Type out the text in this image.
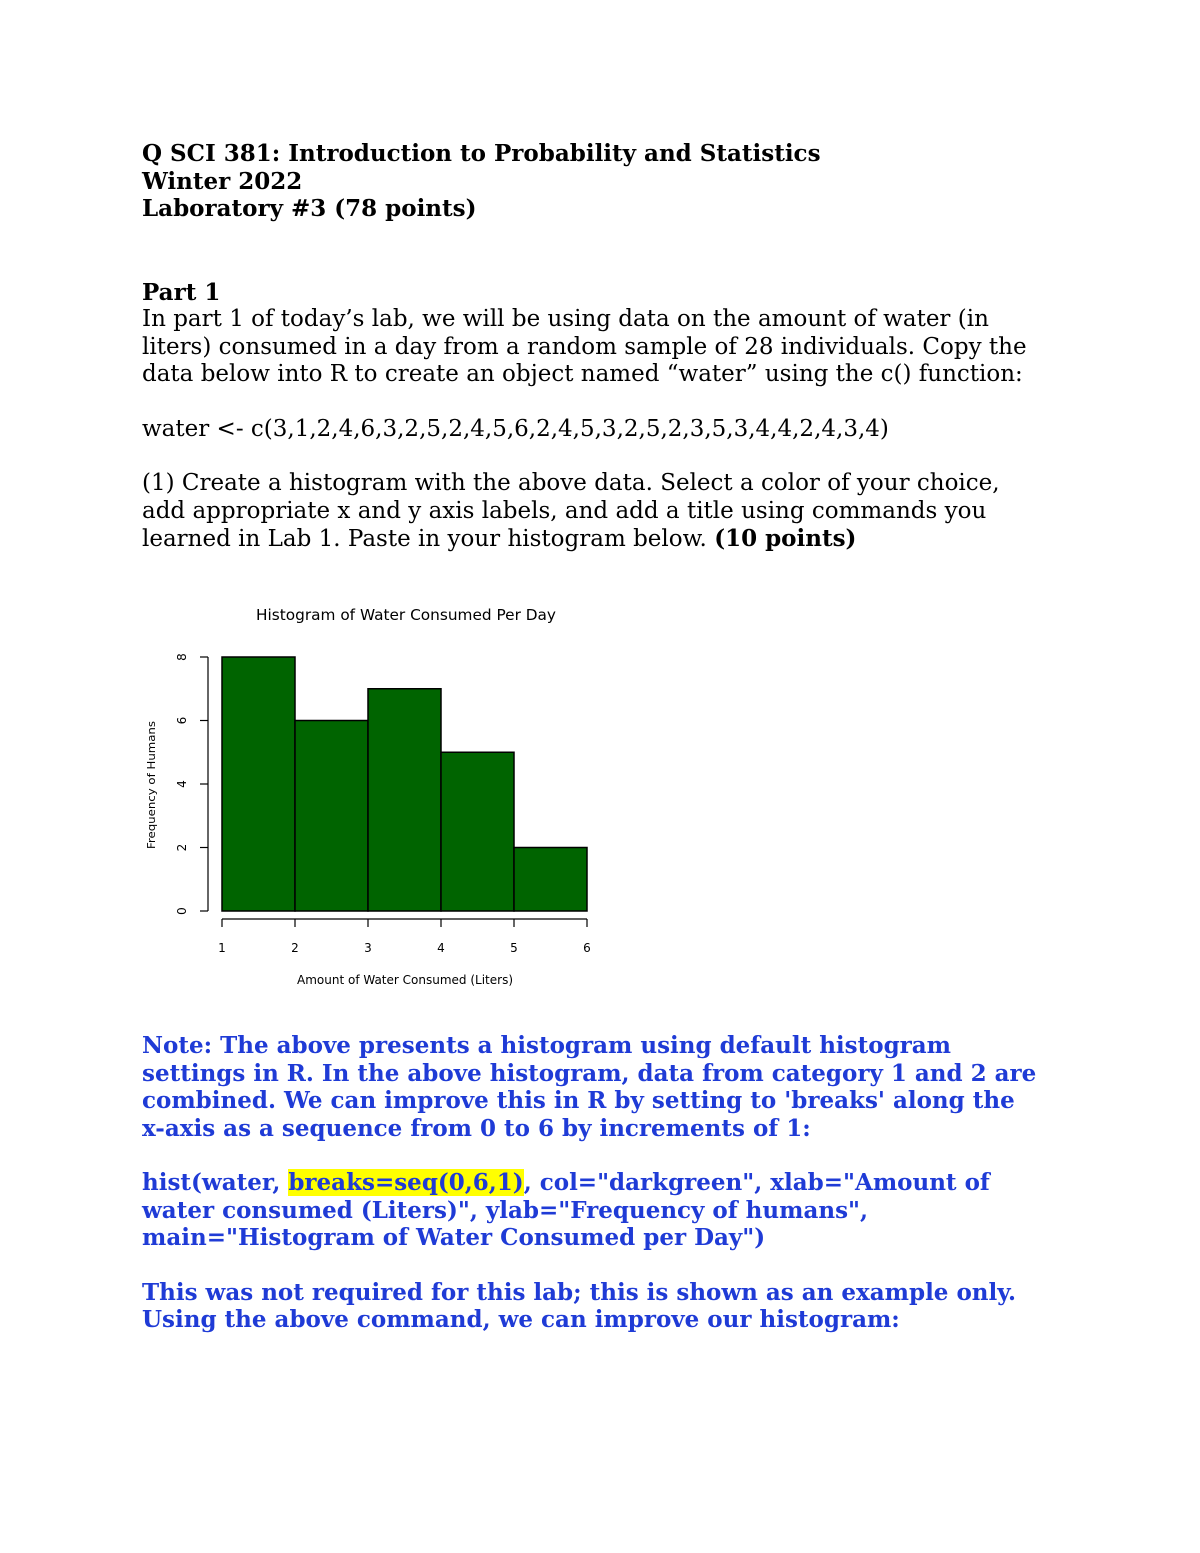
Q SCI 381: Introduction to Probability and Statistics
Winter 2022
Laboratory #3 (78 points)
Part 1
In part 1 of today’s lab, we will be using data on the amount of water (in
liters) consumed in a day from a random sample of 28 individuals. Copy the
data below into R to create an object named “water” using the c() function:
water <- c(3,1,2,4,6,3,2,5,2,4,5,6,2,4,5,3,2,5,2,3,5,3,4,4,2,4,3,4)
(1) Create a histogram with the above data. Select a color of your choice,
add appropriate x and y axis labels, and add a title using commands you
learned in Lab 1. Paste in your histogram below. (10 points)
Histogram of Water Consumed Per Day
Frequency of Humans
Amount of Water Consumed (Liters)
1	2	3	4	5	6
0
2
4
6
8
Note: The above presents a histogram using default histogram
settings in R. In the above histogram, data from category 1 and 2 are
combined. We can improve this in R by setting to 'breaks' along the
x-axis as a sequence from 0 to 6 by increments of 1:
hist(water, breaks=seq(0,6,1), col="darkgreen", xlab="Amount of
water consumed (Liters)", ylab="Frequency of humans",
main="Histogram of Water Consumed per Day")
This was not required for this lab; this is shown as an example only.
Using the above command, we can improve our histogram:
